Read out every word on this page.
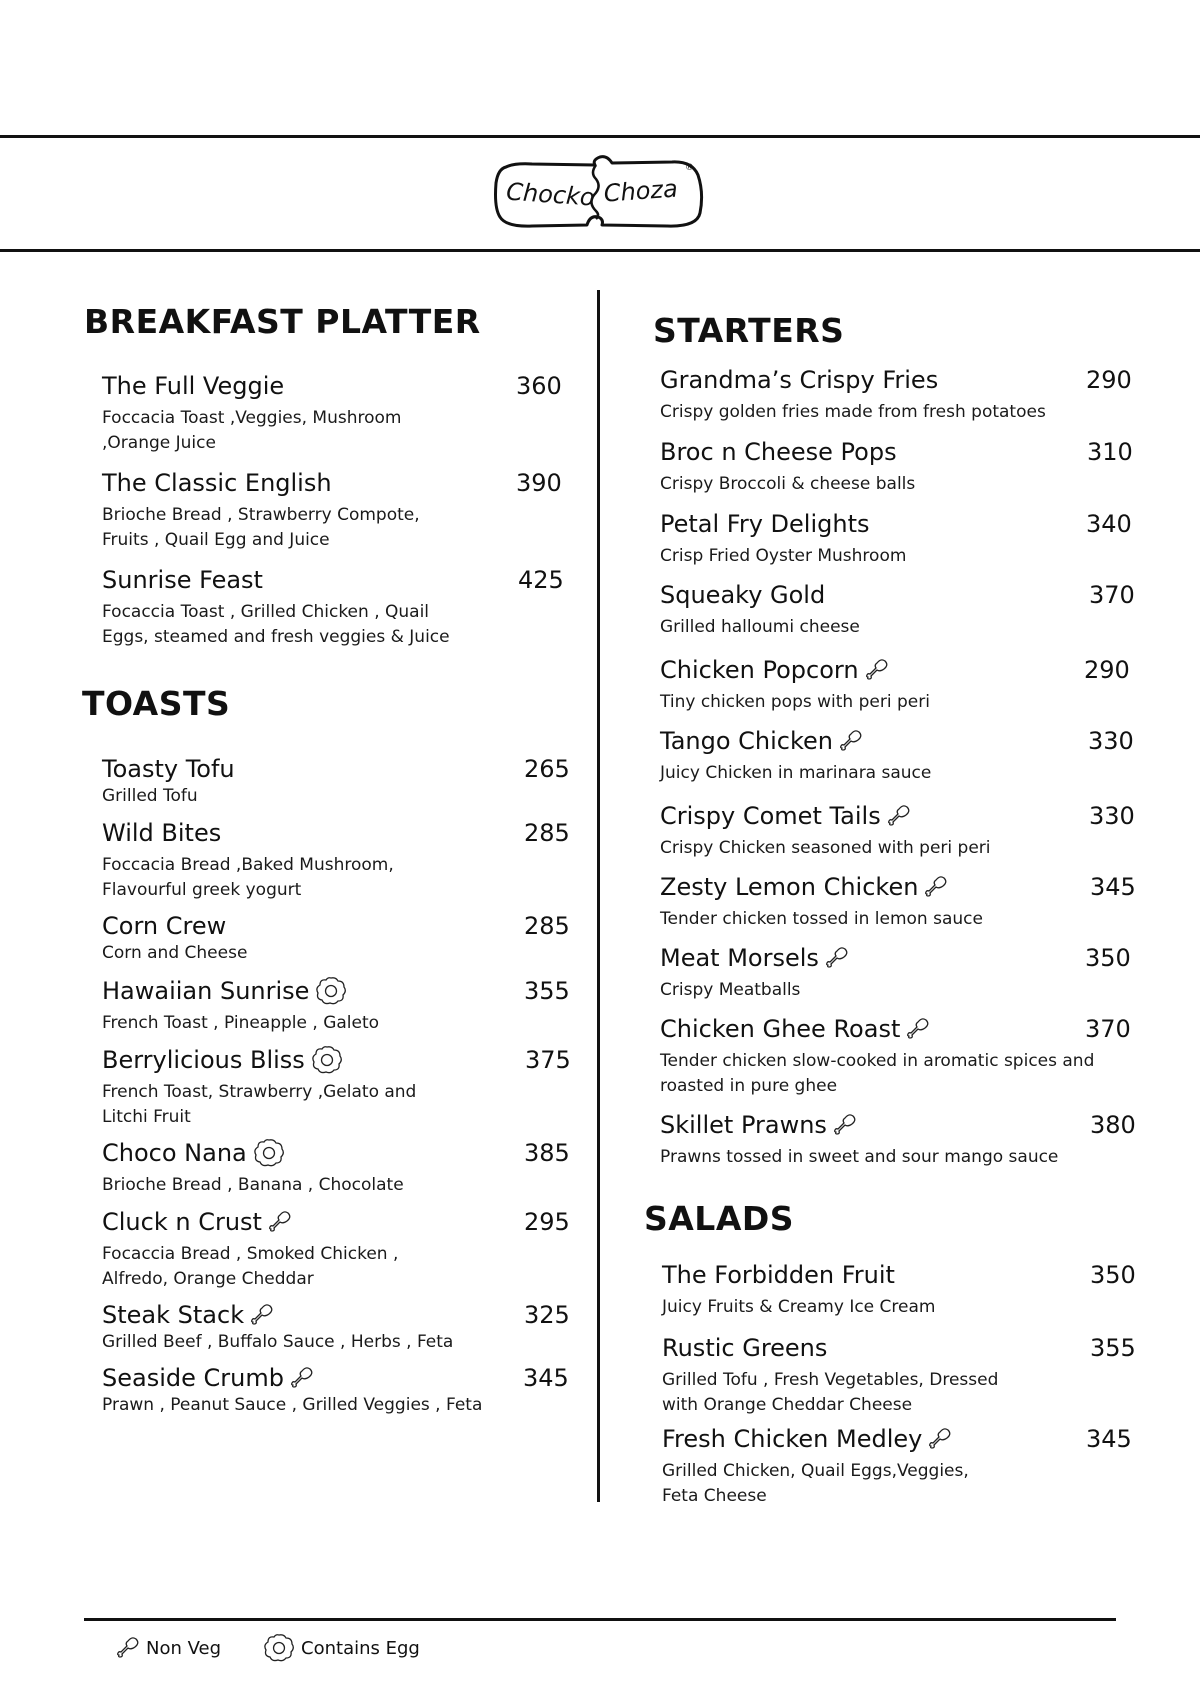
Chocko Choza
®
BREAKFAST PLATTER
TOASTS
STARTERS
SALADS
The Full Veggie	360
Foccacia Toast ,Veggies, Mushroom
,Orange Juice
The Classic English	390
Brioche Bread , Strawberry Compote,
Fruits , Quail Egg and Juice
Sunrise Feast	425
Focaccia Toast , Grilled Chicken , Quail
Eggs, steamed and fresh veggies & Juice
Toasty Tofu	265
Grilled Tofu
Wild Bites	285
Foccacia Bread ,Baked Mushroom,
Flavourful greek yogurt
Corn Crew	285
Corn and Cheese
Hawaiian Sunrise	355
French Toast , Pineapple , Galeto
Berrylicious Bliss	375
French Toast, Strawberry ,Gelato and
Litchi Fruit
Choco Nana	385
Brioche Bread , Banana , Chocolate
Cluck n Crust	295
Focaccia Bread , Smoked Chicken ,
Alfredo, Orange Cheddar
Steak Stack	325
Grilled Beef , Buffalo Sauce , Herbs , Feta
Seaside Crumb	345
Prawn , Peanut Sauce , Grilled Veggies , Feta
Grandma’s Crispy Fries	290
Crispy golden fries made from fresh potatoes
Broc n Cheese Pops	310
Crispy Broccoli & cheese balls
Petal Fry Delights	340
Crisp Fried Oyster Mushroom
Squeaky Gold	370
Grilled halloumi cheese
Chicken Popcorn	290
Tiny chicken pops with peri peri
Tango Chicken	330
Juicy Chicken in marinara sauce
Crispy Comet Tails	330
Crispy Chicken seasoned with peri peri
Zesty Lemon Chicken	345
Tender chicken tossed in lemon sauce
Meat Morsels	350
Crispy Meatballs
Chicken Ghee Roast	370
Tender chicken slow-cooked in aromatic spices and
roasted in pure ghee
Skillet Prawns	380
Prawns tossed in sweet and sour mango sauce
The Forbidden Fruit	350
Juicy Fruits & Creamy Ice Cream
Rustic Greens	355
Grilled Tofu , Fresh Vegetables, Dressed
with Orange Cheddar Cheese
Fresh Chicken Medley	345
Grilled Chicken, Quail Eggs,Veggies,
Feta Cheese
Non Veg	Contains Egg
